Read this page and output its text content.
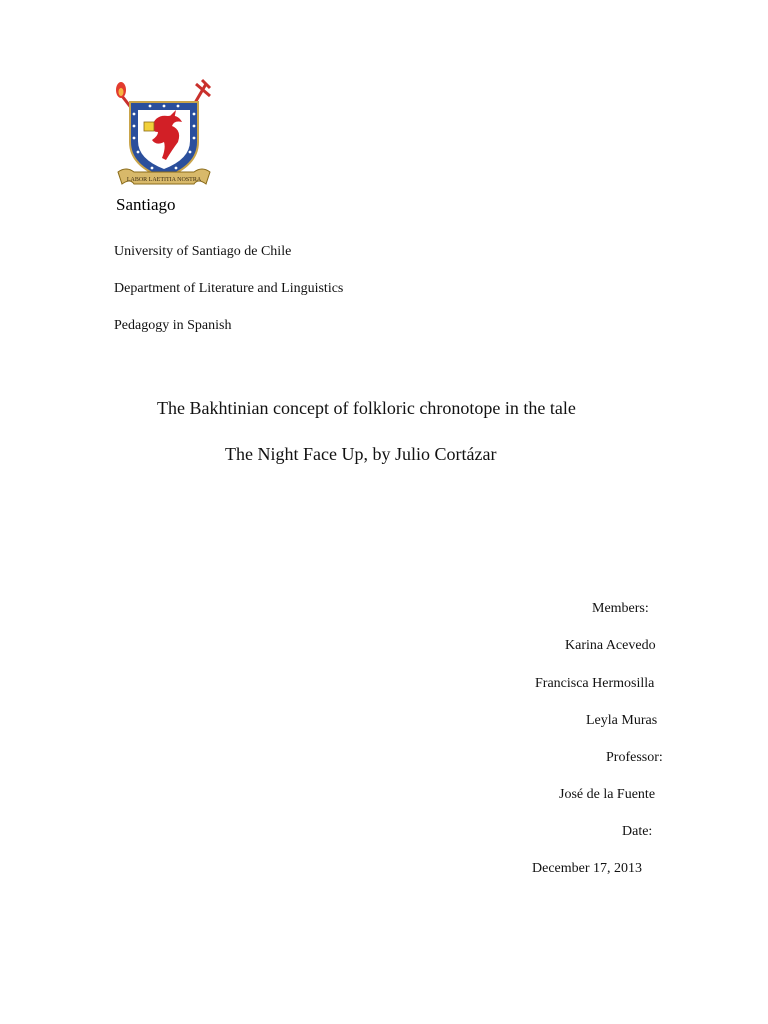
LABOR LAETITIA NOSTRA
Santiago
University of Santiago de Chile
Department of Literature and Linguistics
Pedagogy in Spanish
The Bakhtinian concept of folkloric chronotope in the tale
The Night Face Up, by Julio Cortázar
Members:
Karina Acevedo
Francisca Hermosilla
Leyla Muras
Professor:
José de la Fuente
Date:
December 17, 2013
